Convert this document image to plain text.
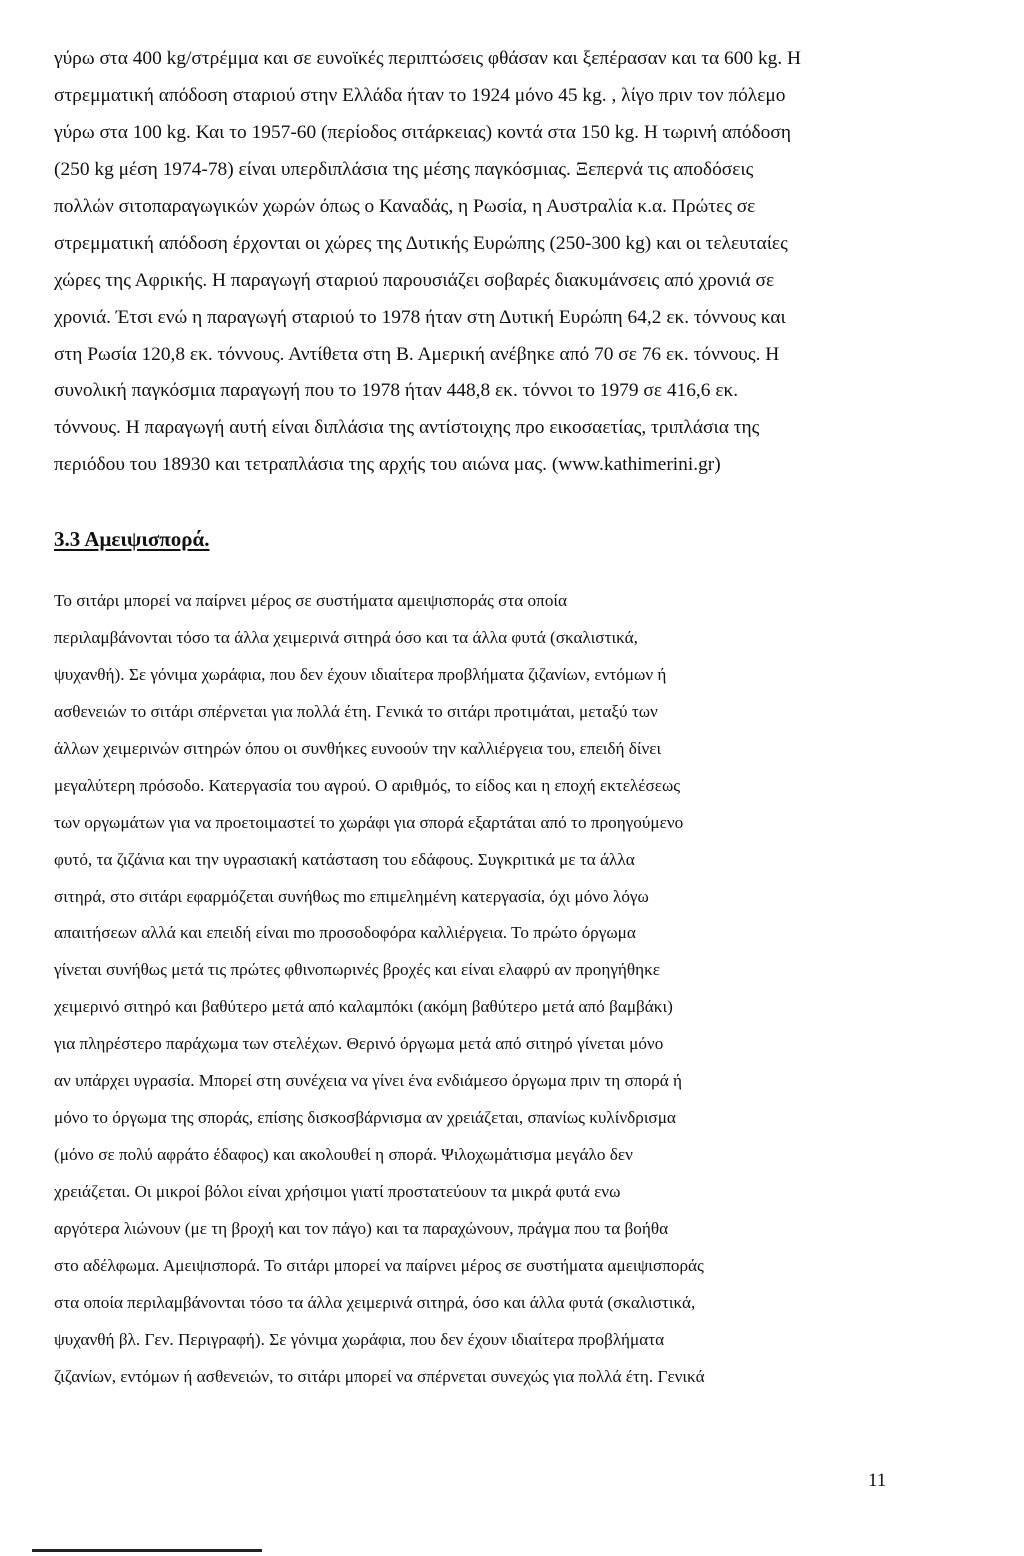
γύρω στα 400 kg/στρέμμα και σε ευνοϊκές περιπτώσεις φθάσαν και ξεπέρασαν και τα 600 kg. Η
στρεμματική απόδοση σταριού στην Ελλάδα ήταν το 1924 μόνο 45 kg. , λίγο πριν τον πόλεμο
γύρω στα 100 kg. Και το 1957-60 (περίοδος σιτάρκειας) κοντά στα 150 kg. Η τωρινή απόδοση
(250 kg μέση 1974-78) είναι υπερδιπλάσια της μέσης παγκόσμιας. Ξεπερνά τις αποδόσεις
πολλών σιτοπαραγωγικών χωρών όπως ο Καναδάς, η Ρωσία, η Αυστραλία κ.α. Πρώτες σε
στρεμματική απόδοση έρχονται οι χώρες της Δυτικής Ευρώπης (250-300 kg) και οι τελευταίες
χώρες της Αφρικής. Η παραγωγή σταριού παρουσιάζει σοβαρές διακυμάνσεις από χρονιά σε
χρονιά. Έτσι ενώ η παραγωγή σταριού το 1978 ήταν στη Δυτική Ευρώπη 64,2 εκ. τόννους και
στη Ρωσία 120,8 εκ. τόννους. Αντίθετα στη Β. Αμερική ανέβηκε από 70 σε 76 εκ. τόννους. Η
συνολική παγκόσμια παραγωγή που το 1978 ήταν 448,8 εκ. τόννοι το 1979 σε 416,6 εκ.
τόννους. Η παραγωγή αυτή είναι διπλάσια της αντίστοιχης προ εικοσαετίας, τριπλάσια της
περιόδου του 18930 και τετραπλάσια της αρχής του αιώνα μας. (www.kathimerini.gr)

3.3 Αμειψισπορά.

Το σιτάρι μπορεί να παίρνει μέρος σε συστήματα αμειψισποράς στα οποία
περιλαμβάνονται τόσο τα άλλα χειμερινά σιτηρά όσο και τα άλλα φυτά (σκαλιστικά,
ψυχανθή). Σε γόνιμα χωράφια, που δεν έχουν ιδιαίτερα προβλήματα ζιζανίων, εντόμων ή
ασθενειών το σιτάρι σπέρνεται για πολλά έτη. Γενικά το σιτάρι προτιμάται, μεταξύ των
άλλων χειμερινών σιτηρών όπου οι συνθήκες ευνοούν την καλλιέργεια του, επειδή δίνει
μεγαλύτερη πρόσοδο. Κατεργασία του αγρού. Ο αριθμός, το είδος και η εποχή εκτελέσεως
των οργωμάτων για να προετοιμαστεί το χωράφι για σπορά εξαρτάται από το προηγούμενο
φυτό, τα ζιζάνια και την υγρασιακή κατάσταση του εδάφους. Συγκριτικά με τα άλλα
σιτηρά, στο σιτάρι εφαρμόζεται συνήθως mo επιμελημένη κατεργασία, όχι μόνο λόγω
απαιτήσεων αλλά και επειδή είναι mo προσοδοφόρα καλλιέργεια. Το πρώτο όργωμα
γίνεται συνήθως μετά τις πρώτες φθινοπωρινές βροχές και είναι ελαφρύ αν προηγήθηκε
χειμερινό σιτηρό και βαθύτερο μετά από καλαμπόκι (ακόμη βαθύτερο μετά από βαμβάκι)
για πληρέστερο παράχωμα των στελέχων. Θερινό όργωμα μετά από σιτηρό γίνεται μόνο
αν υπάρχει υγρασία. Μπορεί στη συνέχεια να γίνει ένα ενδιάμεσο όργωμα πριν τη σπορά ή
μόνο το όργωμα της σποράς, επίσης δισκοσβάρνισμα αν χρειάζεται, σπανίως κυλίνδρισμα
(μόνο σε πολύ αφράτο έδαφος) και ακολουθεί η σπορά. Ψιλοχωμάτισμα μεγάλο δεν
χρειάζεται. Οι μικροί βόλοι είναι χρήσιμοι γιατί προστατεύουν τα μικρά φυτά ενω
αργότερα λιώνουν (με τη βροχή και τον πάγο) και τα παραχώνουν, πράγμα που τα βοήθα
στο αδέλφωμα. Αμειψισπορά. Το σιτάρι μπορεί να παίρνει μέρος σε συστήματα αμειψισποράς
στα οποία περιλαμβάνονται τόσο τα άλλα χειμερινά σιτηρά, όσο και άλλα φυτά (σκαλιστικά,
ψυχανθή βλ. Γεν. Περιγραφή). Σε γόνιμα χωράφια, που δεν έχουν ιδιαίτερα προβλήματα
ζιζανίων, εντόμων ή ασθενειών, το σιτάρι μπορεί να σπέρνεται συνεχώς για πολλά έτη. Γενικά

11
